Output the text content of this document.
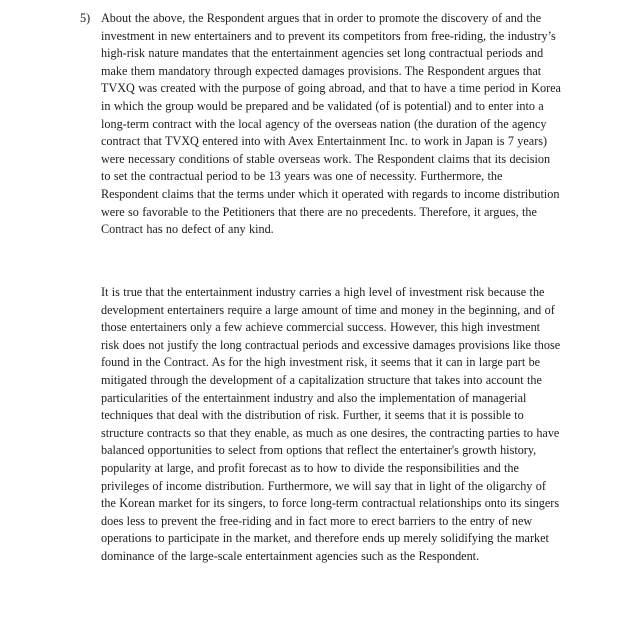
5) About the above, the Respondent argues that in order to promote the discovery of and the investment in new entertainers and to prevent its competitors from free-riding, the industry’s high-risk nature mandates that the entertainment agencies set long contractual periods and make them mandatory through expected damages provisions. The Respondent argues that TVXQ was created with the purpose of going abroad, and that to have a time period in Korea in which the group would be prepared and be validated (of is potential) and to enter into a long-term contract with the local agency of the overseas nation (the duration of the agency contract that TVXQ entered into with Avex Entertainment Inc. to work in Japan is 7 years) were necessary conditions of stable overseas work. The Respondent claims that its decision to set the contractual period to be 13 years was one of necessity. Furthermore, the Respondent claims that the terms under which it operated with regards to income distribution were so favorable to the Petitioners that there are no precedents. Therefore, it argues, the Contract has no defect of any kind.

It is true that the entertainment industry carries a high level of investment risk because the development entertainers require a large amount of time and money in the beginning, and of those entertainers only a few achieve commercial success. However, this high investment risk does not justify the long contractual periods and excessive damages provisions like those found in the Contract. As for the high investment risk, it seems that it can in large part be mitigated through the development of a capitalization structure that takes into account the particularities of the entertainment industry and also the implementation of managerial techniques that deal with the distribution of risk. Further, it seems that it is possible to structure contracts so that they enable, as much as one desires, the contracting parties to have balanced opportunities to select from options that reflect the entertainer's growth history, popularity at large, and profit forecast as to how to divide the responsibilities and the privileges of income distribution. Furthermore, we will say that in light of the oligarchy of the Korean market for its singers, to force long-term contractual relationships onto its singers does less to prevent the free-riding and in fact more to erect barriers to the entry of new operations to participate in the market, and therefore ends up merely solidifying the market dominance of the large-scale entertainment agencies such as the Respondent.
